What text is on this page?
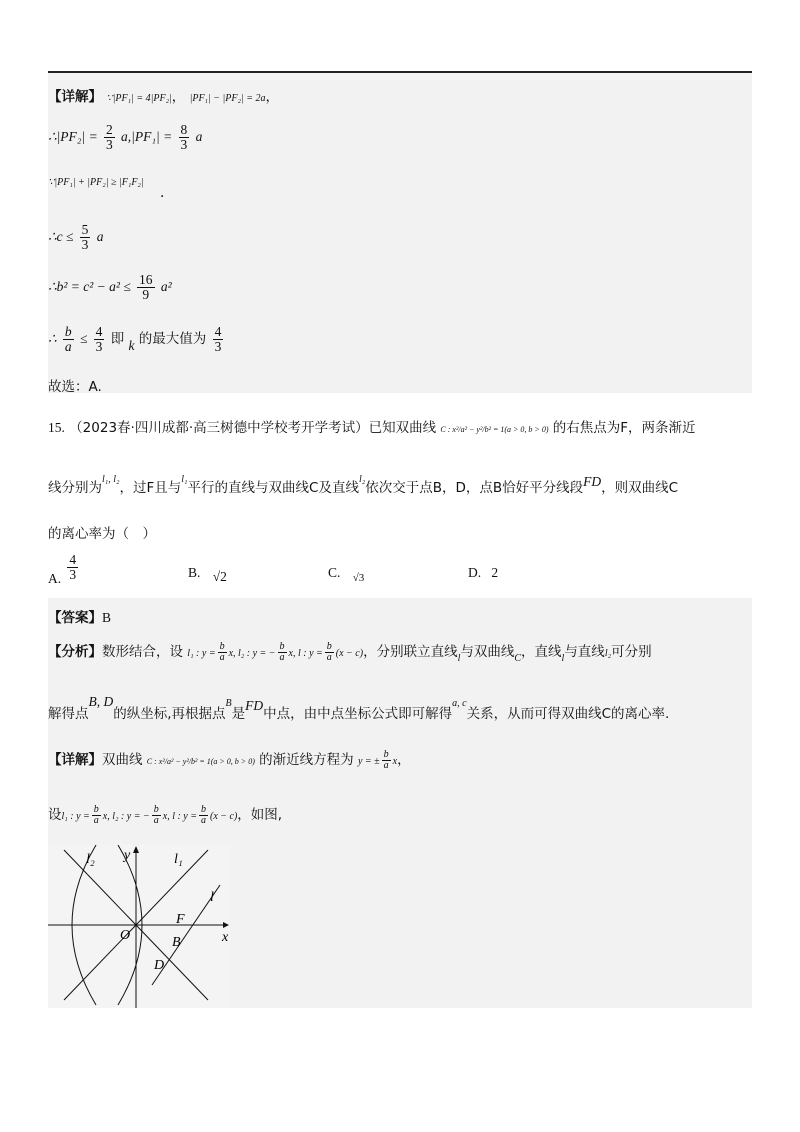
【详解】 ∵|PF₁| = 4|PF₂|， |PF₁| − |PF₂| = 2a，
∴|PF₂| = $\frac{2}{3} a,|PF_1| = \frac{8}{3}$ a
∵|PF₁| + |PF₂| ≥ |F₁F₂|
.
∴c ≤ $\frac{5}{3}$ a
∴b² = $c^2 - a^2 \le \frac{16}{9} a^2$
∴ $\frac{b}{a} \le \frac{4}{3}$ 即 k 的最大值为 $\frac{4}{3}$
故选：A.
15. （2023春·四川成都·高三树德中学校考开学考试）已知双曲线 C : x²/a² − y²/b² = 1(a > 0, b > 0) 的右焦点为F，两条渐近
线分别为$^{l_1, l_2}$，过F且与$^{l_1}$平行的直线与双曲线C及直线$^{l_2}$依次交于点B，D，点B恰好平分线段FD，则双曲线C
的离心率为（　）
A. $\frac{4}{3}$	B. √2	C. $_{√3}$	D. 2
【答案】B
【分析】数形结合，设 l₁ : $y = \frac{b}{a} x$, l₂ : y = − $\frac{b}{a} x$, l : $y = \frac{b}{a} (x - c)$，分别联立直线$_l$与双曲线$_C$，直线$_l$与直线l₂可分别
解得点B, D的纵坐标,再根据点$^B$是FD中点，由中点坐标公式即可解得$^{a, c}$关系，从而可得双曲线C的离心率.
【详解】双曲线 C : x²/a² − y²/b² = 1(a > 0, b > 0) 的渐近线方程为 y = ± $\frac{b}{a}$ x，
设l₁ : $y = \frac{b}{a} x$, l₂ : y = − $\frac{b}{a} x$, l : $y = \frac{b}{a} (x - c)$，如图,
l₂ y	l₁
l
F
O	B	x
D
